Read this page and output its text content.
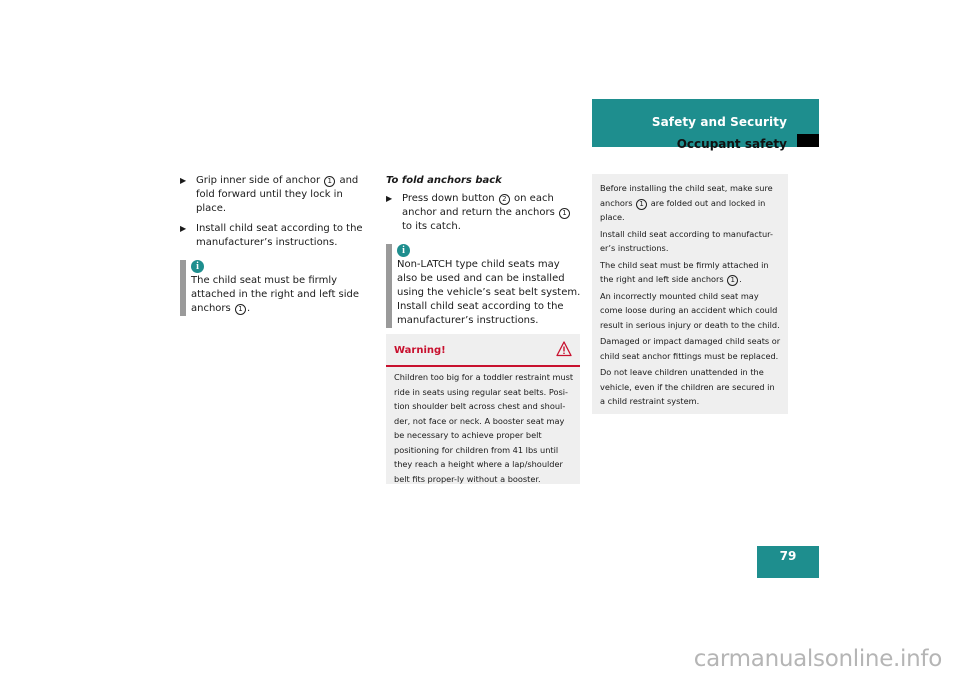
Safety and Security
Occupant safety
▶ Grip inner side of anchor 1 and fold forward until they lock in place.
▶ Install child seat according to the manufacturer’s instructions.
i
The child seat must be firmly attached in the right and left side anchors 1 .
To fold anchors back
▶ Press down button 2 on each anchor and return the anchors 1 to its catch.
i
Non-LATCH type child seats may also be used and can be installed using the vehicle’s seat belt system. Install child seat according to the manufacturer’s instructions.
Warning!
Children too big for a toddler restraint must ride in seats using regular seat belts. Posi-tion shoulder belt across chest and shoul-der, not face or neck. A booster seat may be necessary to achieve proper belt positioning for children from 41 lbs until they reach a height where a lap/shoulder belt fits proper-ly without a booster.

Before installing the child seat, make sure anchors 1 are folded out and locked in place.

Install child seat according to manufactur-er’s instructions.

The child seat must be firmly attached in the right and left side anchors 1 .

An incorrectly mounted child seat may come loose during an accident which could result in serious injury or death to the child.

Damaged or impact damaged child seats or child seat anchor fittings must be replaced.

Do not leave children unattended in the vehicle, even if the children are secured in a child restraint system.

79
carmanualsonline.info
